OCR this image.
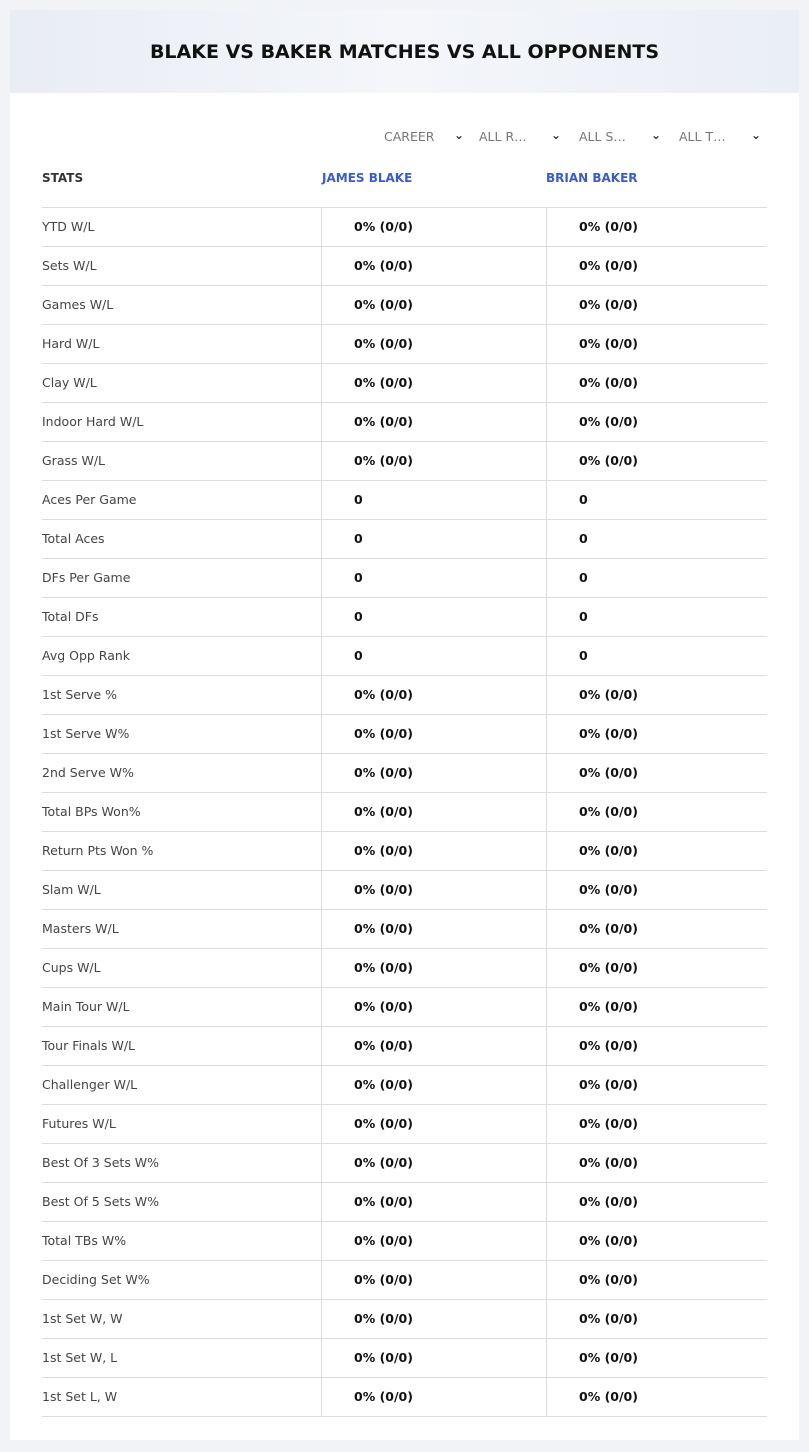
BLAKE VS BAKER MATCHES VS ALL OPPONENTS
CAREER ⌄ ALL R… ⌄ ALL S… ⌄ ALL T… ⌄
STATS	JAMES BLAKE	BRIAN BAKER
YTD W/L	0% (0/0)	0% (0/0)
Sets W/L	0% (0/0)	0% (0/0)
Games W/L	0% (0/0)	0% (0/0)
Hard W/L	0% (0/0)	0% (0/0)
Clay W/L	0% (0/0)	0% (0/0)
Indoor Hard W/L	0% (0/0)	0% (0/0)
Grass W/L	0% (0/0)	0% (0/0)
Aces Per Game	0	0
Total Aces	0	0
DFs Per Game	0	0
Total DFs	0	0
Avg Opp Rank	0	0
1st Serve %	0% (0/0)	0% (0/0)
1st Serve W%	0% (0/0)	0% (0/0)
2nd Serve W%	0% (0/0)	0% (0/0)
Total BPs Won%	0% (0/0)	0% (0/0)
Return Pts Won %	0% (0/0)	0% (0/0)
Slam W/L	0% (0/0)	0% (0/0)
Masters W/L	0% (0/0)	0% (0/0)
Cups W/L	0% (0/0)	0% (0/0)
Main Tour W/L	0% (0/0)	0% (0/0)
Tour Finals W/L	0% (0/0)	0% (0/0)
Challenger W/L	0% (0/0)	0% (0/0)
Futures W/L	0% (0/0)	0% (0/0)
Best Of 3 Sets W%	0% (0/0)	0% (0/0)
Best Of 5 Sets W%	0% (0/0)	0% (0/0)
Total TBs W%	0% (0/0)	0% (0/0)
Deciding Set W%	0% (0/0)	0% (0/0)
1st Set W, W	0% (0/0)	0% (0/0)
1st Set W, L	0% (0/0)	0% (0/0)
1st Set L, W	0% (0/0)	0% (0/0)
